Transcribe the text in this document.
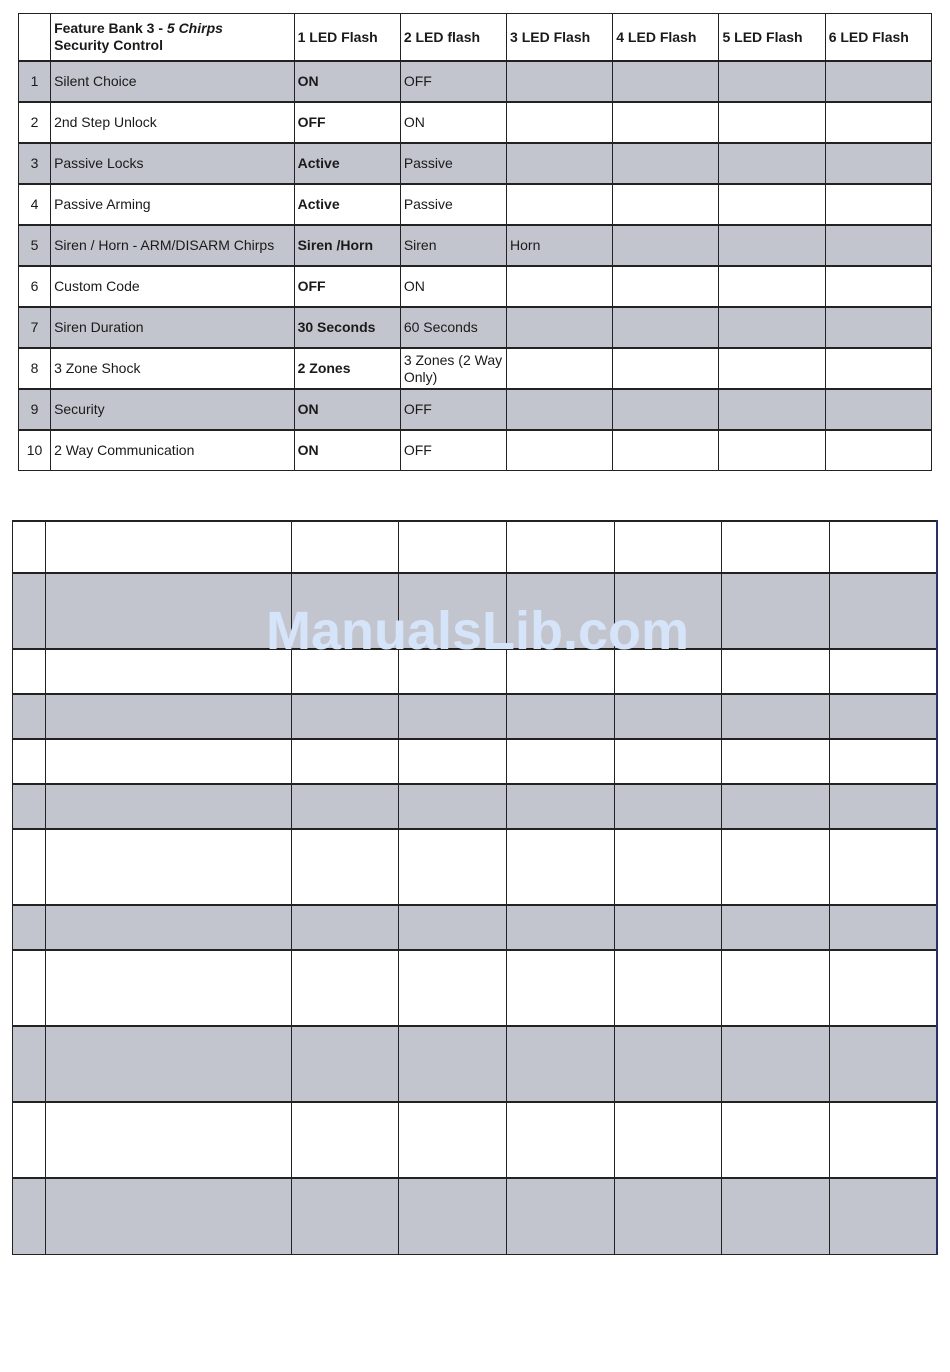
	Feature Bank 3 - 5 Chirps
Security Control	1 LED Flash	2 LED flash	3 LED Flash	4 LED Flash	5 LED Flash	6 LED Flash
1	Silent Choice	ON	OFF				
2	2nd Step Unlock	OFF	ON				
3	Passive Locks	Active	Passive				
4	Passive Arming	Active	Passive				
5	Siren / Horn - ARM/DISARM Chirps	Siren /Horn	Siren	Horn			
6	Custom Code	OFF	ON				
7	Siren Duration	30 Seconds	60 Seconds				
8	3 Zone Shock	2 Zones	3 Zones (2 Way Only)				
9	Security	ON	OFF				
10	2 Way Communication	ON	OFF				

ManualsLib.com
